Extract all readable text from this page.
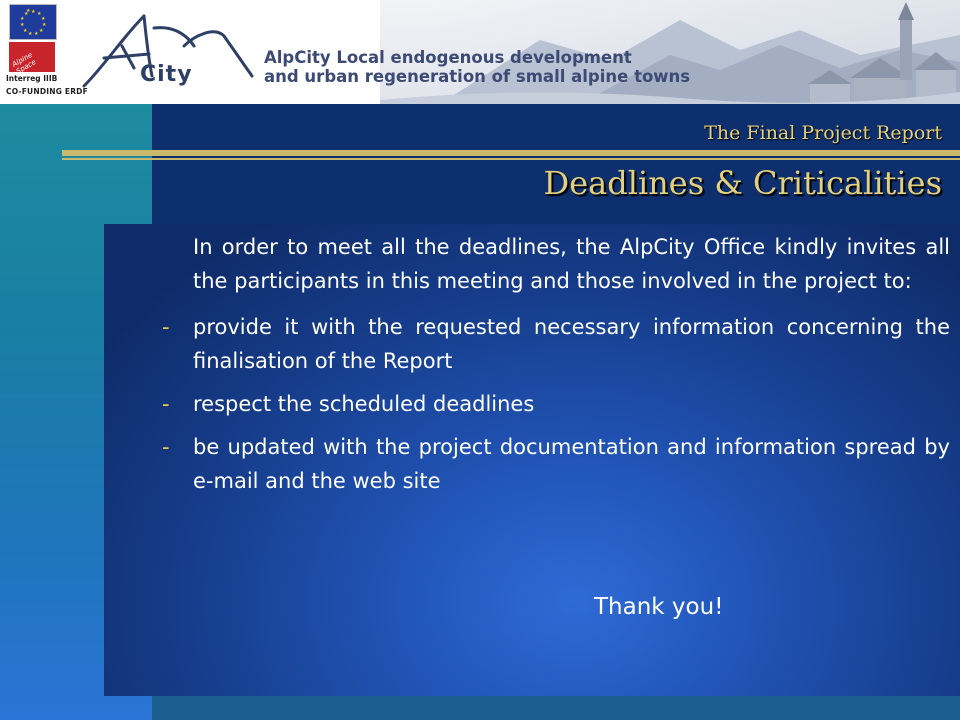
★ ★
★
★
★
★
★
★
★
★
★
★
Alpine Space
Interreg IIIB
CO-FUNDING ERDF
City
AlpCity Local endogenous development
and urban regeneration of small alpine towns
The Final Project Report
Deadlines & Criticalities

In order to meet all the deadlines, the AlpCity Office kindly invites all the participants in this meeting and those involved in the project to:

- provide it with the requested necessary information concerning the finalisation of the Report
- respect the scheduled deadlines
- be updated with the project documentation and information spread by e-mail and the web site
Thank you!
